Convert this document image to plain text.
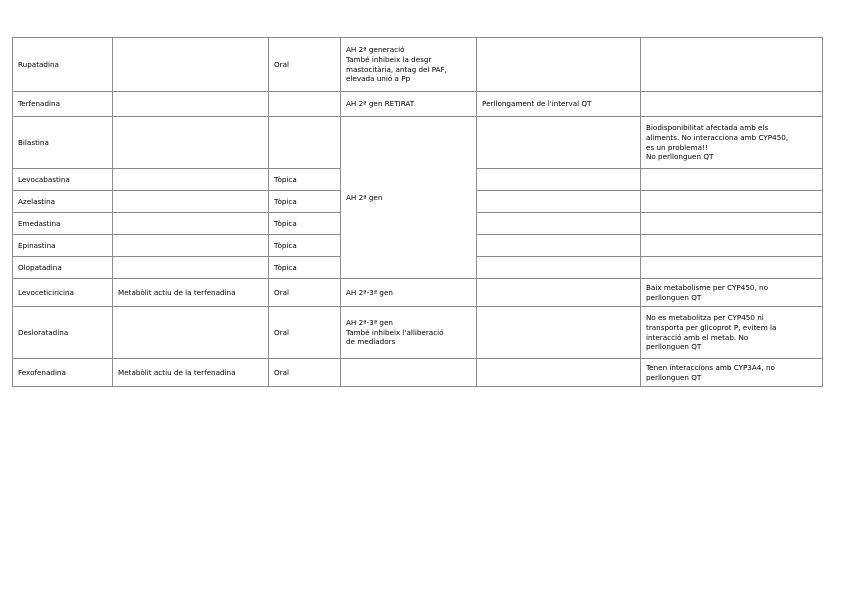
Rupatadina		Oral	AH 2ª generació
També inhibeix la desgr
mastocitària, antag del PAF,
elevada unió a Pp		
Terfenadina			AH 2ª gen RETIRAT	Perllongament de l'interval QT	
Bilastina			AH 2ª gen		Biodisponibilitat afectada amb els
aliments. No interacciona amb CYP450,
es un problema!!
No perllonguen QT
Levocabastina		Tòpica			
Azelastina		Tòpica			
Emedastina		Tòpica			
Epinastina		Tòpica			
Olopatadina		Tòpica			
Levoceticiricina	Metabòlit actiu de la terfenadina	Oral	AH 2ª-3ª gen		Baix metabolisme per CYP450, no
perllonguen QT
Desloratadina		Oral	AH 2ª-3ª gen
També inhibeix l'alliberació
de mediadors		No es metabolitza per CYP450 ni
transporta per glicoprot P, evitem la
interacció amb el metab. No
perllonguen QT
Fexofenadina	Metabòlit actiu de la terfenadina	Oral			Tenen interaccions amb CYP3A4, no
perllonguen QT
